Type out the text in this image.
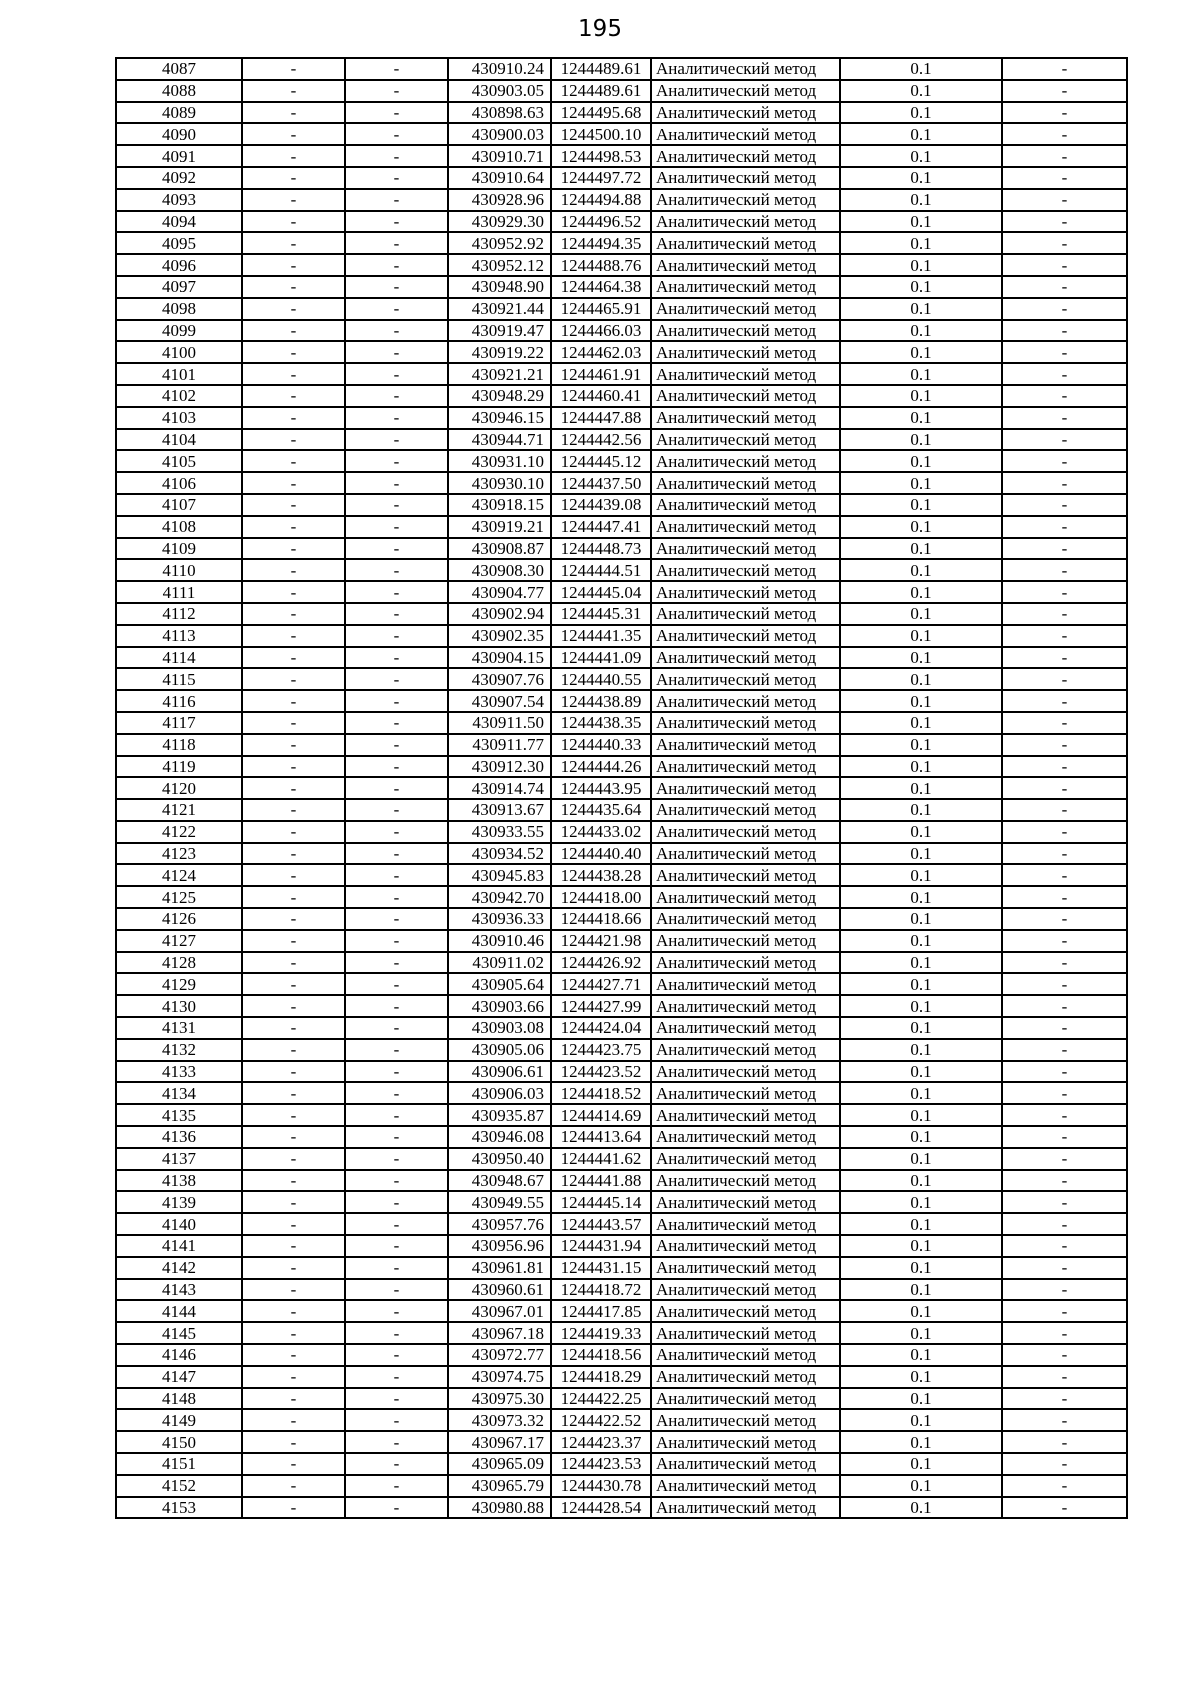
195
4087	-	-	430910.24	1244489.61	Аналитический метод	0.1	-
4088	-	-	430903.05	1244489.61	Аналитический метод	0.1	-
4089	-	-	430898.63	1244495.68	Аналитический метод	0.1	-
4090	-	-	430900.03	1244500.10	Аналитический метод	0.1	-
4091	-	-	430910.71	1244498.53	Аналитический метод	0.1	-
4092	-	-	430910.64	1244497.72	Аналитический метод	0.1	-
4093	-	-	430928.96	1244494.88	Аналитический метод	0.1	-
4094	-	-	430929.30	1244496.52	Аналитический метод	0.1	-
4095	-	-	430952.92	1244494.35	Аналитический метод	0.1	-
4096	-	-	430952.12	1244488.76	Аналитический метод	0.1	-
4097	-	-	430948.90	1244464.38	Аналитический метод	0.1	-
4098	-	-	430921.44	1244465.91	Аналитический метод	0.1	-
4099	-	-	430919.47	1244466.03	Аналитический метод	0.1	-
4100	-	-	430919.22	1244462.03	Аналитический метод	0.1	-
4101	-	-	430921.21	1244461.91	Аналитический метод	0.1	-
4102	-	-	430948.29	1244460.41	Аналитический метод	0.1	-
4103	-	-	430946.15	1244447.88	Аналитический метод	0.1	-
4104	-	-	430944.71	1244442.56	Аналитический метод	0.1	-
4105	-	-	430931.10	1244445.12	Аналитический метод	0.1	-
4106	-	-	430930.10	1244437.50	Аналитический метод	0.1	-
4107	-	-	430918.15	1244439.08	Аналитический метод	0.1	-
4108	-	-	430919.21	1244447.41	Аналитический метод	0.1	-
4109	-	-	430908.87	1244448.73	Аналитический метод	0.1	-
4110	-	-	430908.30	1244444.51	Аналитический метод	0.1	-
4111	-	-	430904.77	1244445.04	Аналитический метод	0.1	-
4112	-	-	430902.94	1244445.31	Аналитический метод	0.1	-
4113	-	-	430902.35	1244441.35	Аналитический метод	0.1	-
4114	-	-	430904.15	1244441.09	Аналитический метод	0.1	-
4115	-	-	430907.76	1244440.55	Аналитический метод	0.1	-
4116	-	-	430907.54	1244438.89	Аналитический метод	0.1	-
4117	-	-	430911.50	1244438.35	Аналитический метод	0.1	-
4118	-	-	430911.77	1244440.33	Аналитический метод	0.1	-
4119	-	-	430912.30	1244444.26	Аналитический метод	0.1	-
4120	-	-	430914.74	1244443.95	Аналитический метод	0.1	-
4121	-	-	430913.67	1244435.64	Аналитический метод	0.1	-
4122	-	-	430933.55	1244433.02	Аналитический метод	0.1	-
4123	-	-	430934.52	1244440.40	Аналитический метод	0.1	-
4124	-	-	430945.83	1244438.28	Аналитический метод	0.1	-
4125	-	-	430942.70	1244418.00	Аналитический метод	0.1	-
4126	-	-	430936.33	1244418.66	Аналитический метод	0.1	-
4127	-	-	430910.46	1244421.98	Аналитический метод	0.1	-
4128	-	-	430911.02	1244426.92	Аналитический метод	0.1	-
4129	-	-	430905.64	1244427.71	Аналитический метод	0.1	-
4130	-	-	430903.66	1244427.99	Аналитический метод	0.1	-
4131	-	-	430903.08	1244424.04	Аналитический метод	0.1	-
4132	-	-	430905.06	1244423.75	Аналитический метод	0.1	-
4133	-	-	430906.61	1244423.52	Аналитический метод	0.1	-
4134	-	-	430906.03	1244418.52	Аналитический метод	0.1	-
4135	-	-	430935.87	1244414.69	Аналитический метод	0.1	-
4136	-	-	430946.08	1244413.64	Аналитический метод	0.1	-
4137	-	-	430950.40	1244441.62	Аналитический метод	0.1	-
4138	-	-	430948.67	1244441.88	Аналитический метод	0.1	-
4139	-	-	430949.55	1244445.14	Аналитический метод	0.1	-
4140	-	-	430957.76	1244443.57	Аналитический метод	0.1	-
4141	-	-	430956.96	1244431.94	Аналитический метод	0.1	-
4142	-	-	430961.81	1244431.15	Аналитический метод	0.1	-
4143	-	-	430960.61	1244418.72	Аналитический метод	0.1	-
4144	-	-	430967.01	1244417.85	Аналитический метод	0.1	-
4145	-	-	430967.18	1244419.33	Аналитический метод	0.1	-
4146	-	-	430972.77	1244418.56	Аналитический метод	0.1	-
4147	-	-	430974.75	1244418.29	Аналитический метод	0.1	-
4148	-	-	430975.30	1244422.25	Аналитический метод	0.1	-
4149	-	-	430973.32	1244422.52	Аналитический метод	0.1	-
4150	-	-	430967.17	1244423.37	Аналитический метод	0.1	-
4151	-	-	430965.09	1244423.53	Аналитический метод	0.1	-
4152	-	-	430965.79	1244430.78	Аналитический метод	0.1	-
4153	-	-	430980.88	1244428.54	Аналитический метод	0.1	-
